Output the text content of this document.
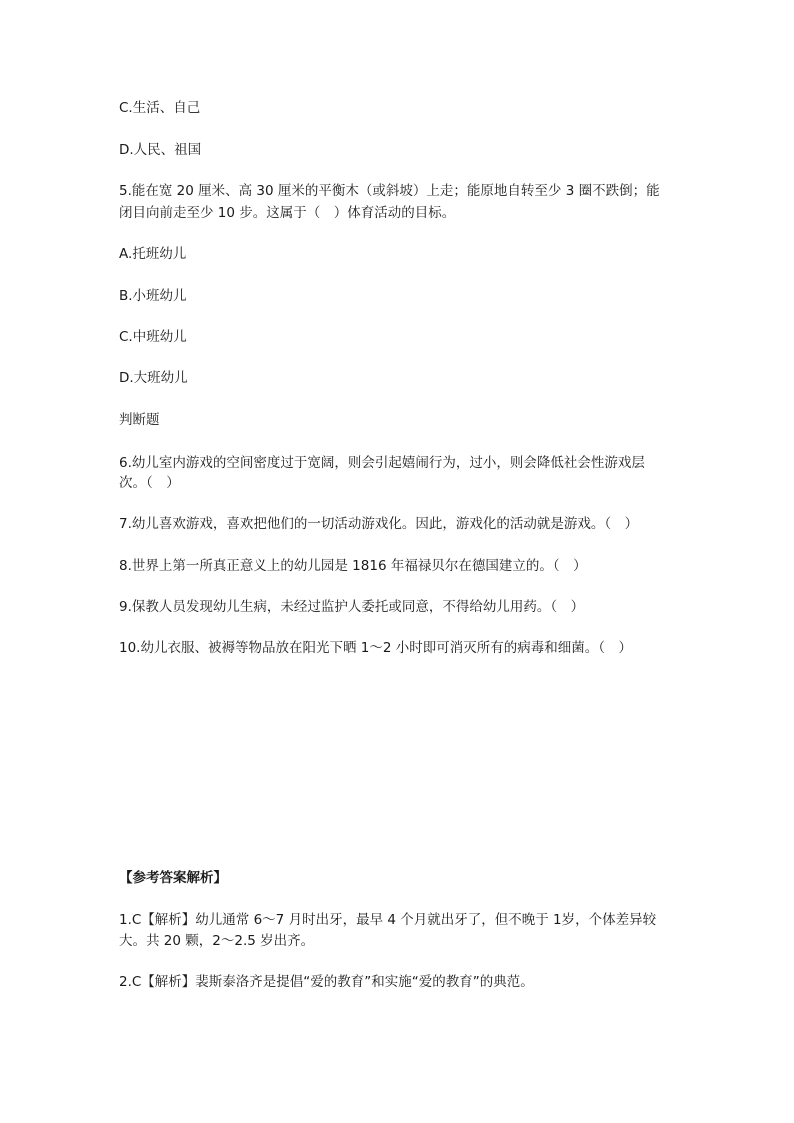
C.生活、自己
D.人民、祖国
5.能在宽 20 厘米、高 30 厘米的平衡木（或斜坡）上走；能原地自转至少 3 圈不跌倒；能
闭目向前走至少 10 步。这属于（　）体育活动的目标。
A.托班幼儿
B.小班幼儿
C.中班幼儿
D.大班幼儿
判断题
6.幼儿室内游戏的空间密度过于宽阔，则会引起嬉闹行为，过小，则会降低社会性游戏层
次。（　）
7.幼儿喜欢游戏，喜欢把他们的一切活动游戏化。因此，游戏化的活动就是游戏。（　）
8.世界上第一所真正意义上的幼儿园是 1816 年福禄贝尔在德国建立的。（　）
9.保教人员发现幼儿生病，未经过监护人委托或同意，不得给幼儿用药。（　）
10.幼儿衣服、被褥等物品放在阳光下晒 1～2 小时即可消灭所有的病毒和细菌。（　）
【参考答案解析】
1.C【解析】幼儿通常 6～7 月时出牙，最早 4 个月就出牙了，但不晚于 1岁，个体差异较
大。共 20 颗，2～2.5 岁出齐。
2.C【解析】裴斯泰洛齐是提倡“爱的教育”和实施“爱的教育”的典范。
